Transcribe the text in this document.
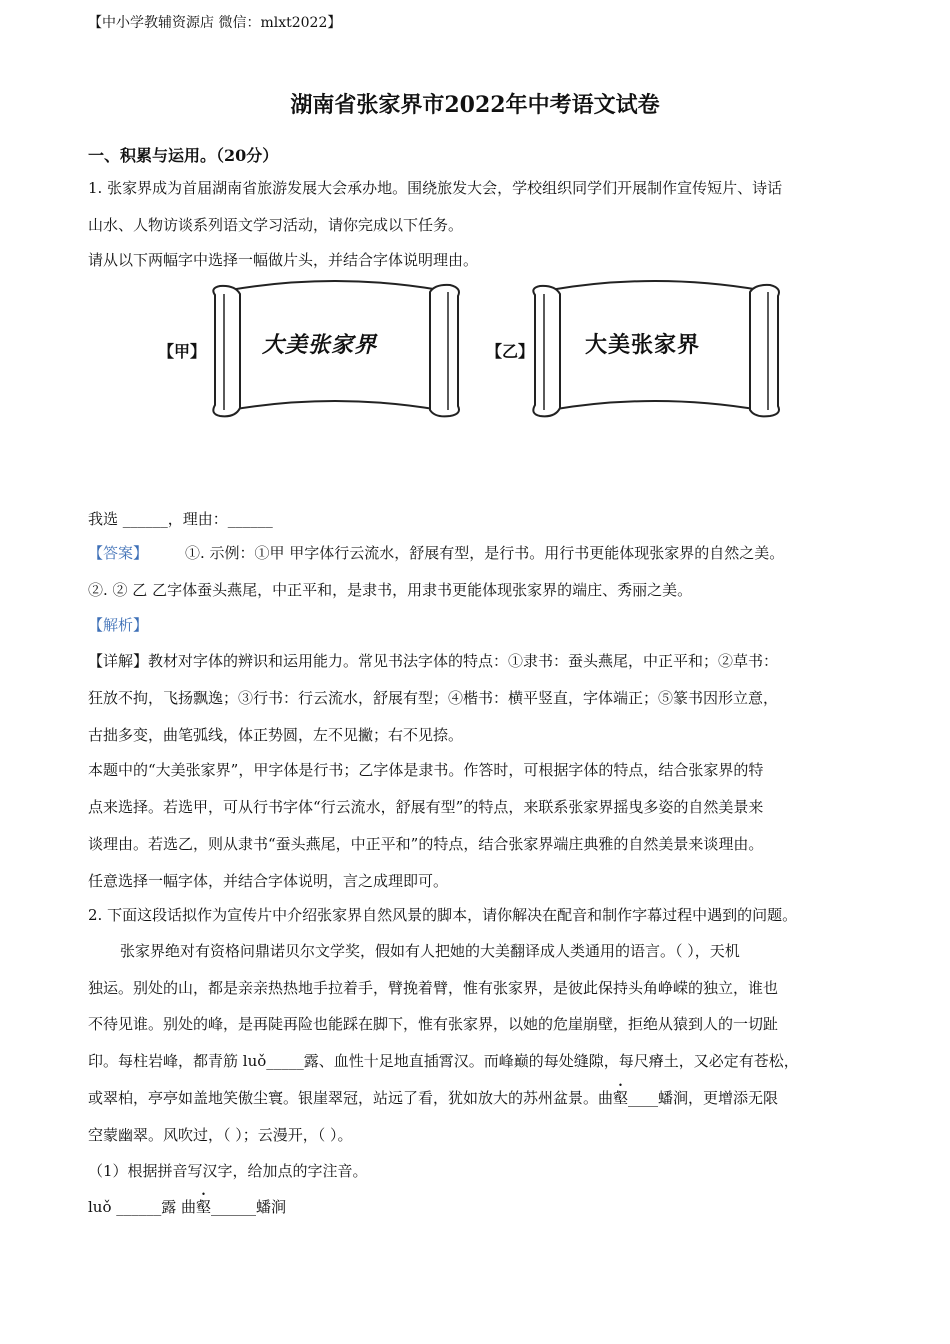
【中小学教辅资源店 微信：mlxt2022】
湖南省张家界市2022年中考语文试卷
一、积累与运用。（20分）
1. 张家界成为首届湖南省旅游发展大会承办地。围绕旅发大会，学校组织同学们开展制作宣传短片、诗话
山水、人物访谈系列语文学习活动，请你完成以下任务。
请从以下两幅字中选择一幅做片头，并结合字体说明理由。
【甲】	大美张家界	【乙】 大美张家界
我选 ______，理由：______
【答案】 ①. 示例：①甲 甲字体行云流水，舒展有型，是行书。用行书更能体现张家界的自然之美。
②. ② 乙 乙字体蚕头燕尾，中正平和，是隶书，用隶书更能体现张家界的端庄、秀丽之美。
【解析】
【详解】教材对字体的辨识和运用能力。常见书法字体的特点：①隶书：蚕头燕尾，中正平和；②草书：
狂放不拘，飞扬飘逸；③行书：行云流水，舒展有型；④楷书：横平竖直，字体端正；⑤篆书因形立意，
古拙多变，曲笔弧线，体正势圆，左不见撇；右不见捺。
本题中的“大美张家界”，甲字体是行书；乙字体是隶书。作答时，可根据字体的特点，结合张家界的特
点来选择。若选甲，可从行书字体“行云流水，舒展有型”的特点，来联系张家界摇曳多姿的自然美景来
谈理由。若选乙，则从隶书“蚕头燕尾，中正平和”的特点，结合张家界端庄典雅的自然美景来谈理由。
任意选择一幅字体，并结合字体说明，言之成理即可。
2. 下面这段话拟作为宣传片中介绍张家界自然风景的脚本，请你解决在配音和制作字幕过程中遇到的问题。
张家界绝对有资格问鼎诺贝尔文学奖，假如有人把她的大美翻译成人类通用的语言。（ ），天机
独运。别处的山，都是亲亲热热地手拉着手，臂挽着臂，惟有张家界，是彼此保持头角峥嵘的独立，谁也
不待见谁。别处的峰，是再陡再险也能踩在脚下，惟有张家界，以她的危崖崩壁，拒绝从猿到人的一切趾
印。每柱岩峰，都青筋 luǒ_____露、血性十足地直插霄汉。而峰巅的每处缝隙，每尺瘠土，又必定有苍松，
或翠柏，亭亭如盖地笑傲尘寰。银崖翠冠，站远了看，犹如放大的苏州盆景。曲壑____蟠涧，更增添无限
空蒙幽翠。风吹过，（ ）；云漫开，（ ）。
（1）根据拼音写汉字，给加点的字注音。
luǒ ______露 曲壑______蟠涧
